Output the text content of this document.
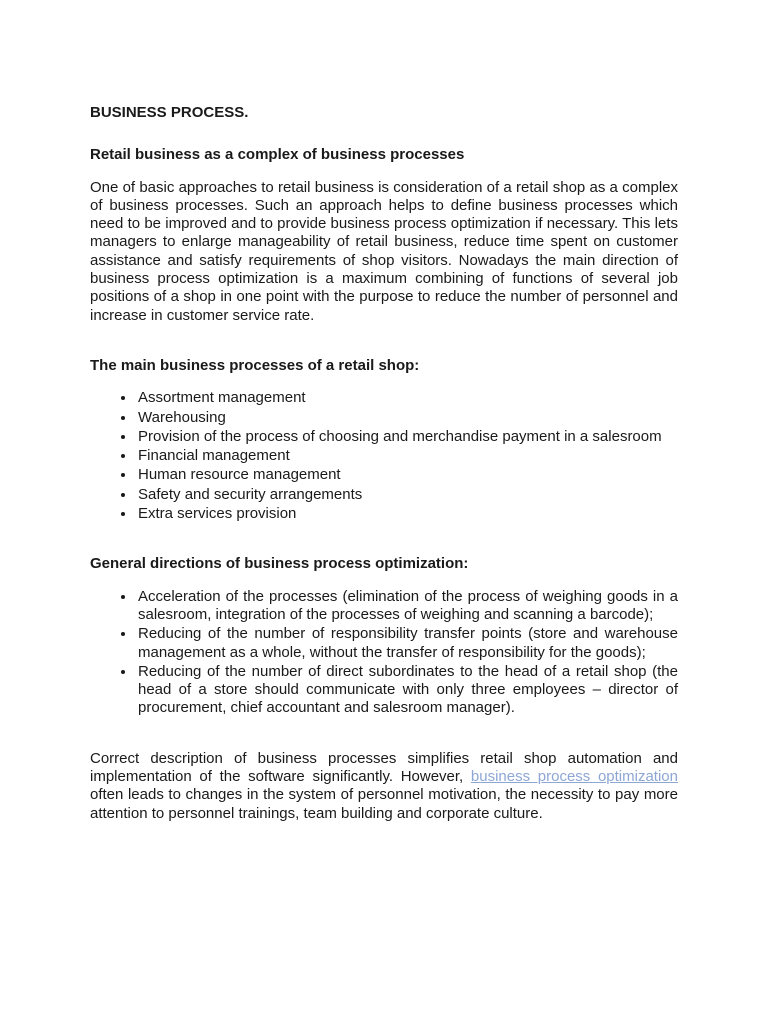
BUSINESS PROCESS.
Retail business as a complex of business processes

One of basic approaches to retail business is consideration of a retail shop as a complex of business processes. Such an approach helps to define business processes which need to be improved and to provide business process optimization if necessary. This lets managers to enlarge manageability of retail business, reduce time spent on customer assistance and satisfy requirements of shop visitors. Nowadays the main direction of business process optimization is a maximum combining of functions of several job positions of a shop in one point with the purpose to reduce the number of personnel and increase in customer service rate.

The main business processes of a retail shop:
• Assortment management
• Warehousing
• Provision of the process of choosing and merchandise payment in a salesroom
• Financial management
• Human resource management
• Safety and security arrangements
• Extra services provision
General directions of business process optimization:
• Acceleration of the processes (elimination of the process of weighing goods in a salesroom, integration of the processes of weighing and scanning a barcode);
• Reducing of the number of responsibility transfer points (store and warehouse management as a whole, without the transfer of responsibility for the goods);
• Reducing of the number of direct subordinates to the head of a retail shop (the head of a store should communicate with only three employees – director of procurement, chief accountant and salesroom manager).

Correct description of business processes simplifies retail shop automation and implementation of the software significantly. However, business process optimization often leads to changes in the system of personnel motivation, the necessity to pay more attention to personnel trainings, team building and corporate culture.
